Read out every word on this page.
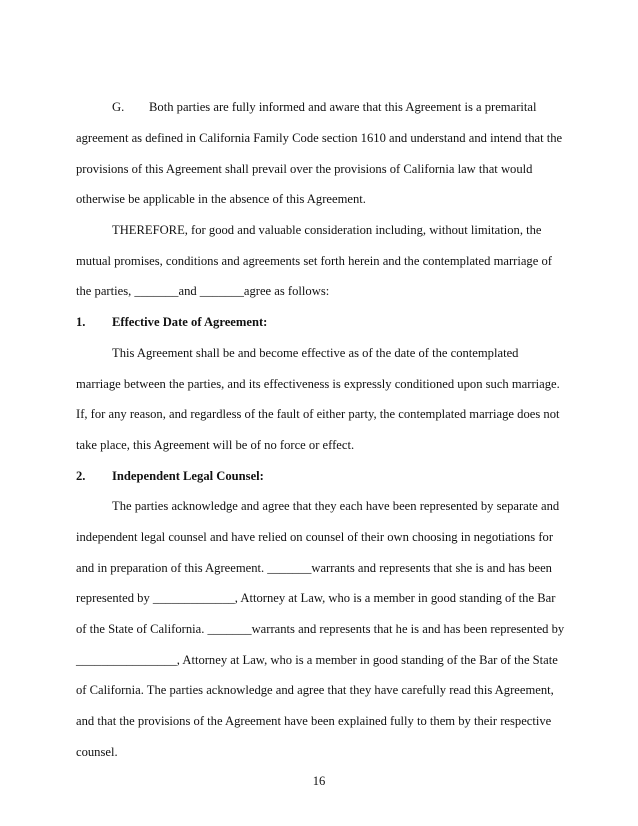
G. Both parties are fully informed and aware that this Agreement is a premarital
agreement as defined in California Family Code section 1610 and understand and intend that the
provisions of this Agreement shall prevail over the provisions of California law that would
otherwise be applicable in the absence of this Agreement.
THEREFORE, for good and valuable consideration including, without limitation, the
mutual promises, conditions and agreements set forth herein and the contemplated marriage of
the parties, _______and _______agree as follows:
1. Effective Date of Agreement:
This Agreement shall be and become effective as of the date of the contemplated
marriage between the parties, and its effectiveness is expressly conditioned upon such marriage.
If, for any reason, and regardless of the fault of either party, the contemplated marriage does not
take place, this Agreement will be of no force or effect.
2. Independent Legal Counsel:
The parties acknowledge and agree that they each have been represented by separate and
independent legal counsel and have relied on counsel of their own choosing in negotiations for
and in preparation of this Agreement. _______warrants and represents that she is and has been
represented by _____________, Attorney at Law, who is a member in good standing of the Bar
of the State of California. _______warrants and represents that he is and has been represented by
________________, Attorney at Law, who is a member in good standing of the Bar of the State
of California. The parties acknowledge and agree that they have carefully read this Agreement,
and that the provisions of the Agreement have been explained fully to them by their respective
counsel.
16
